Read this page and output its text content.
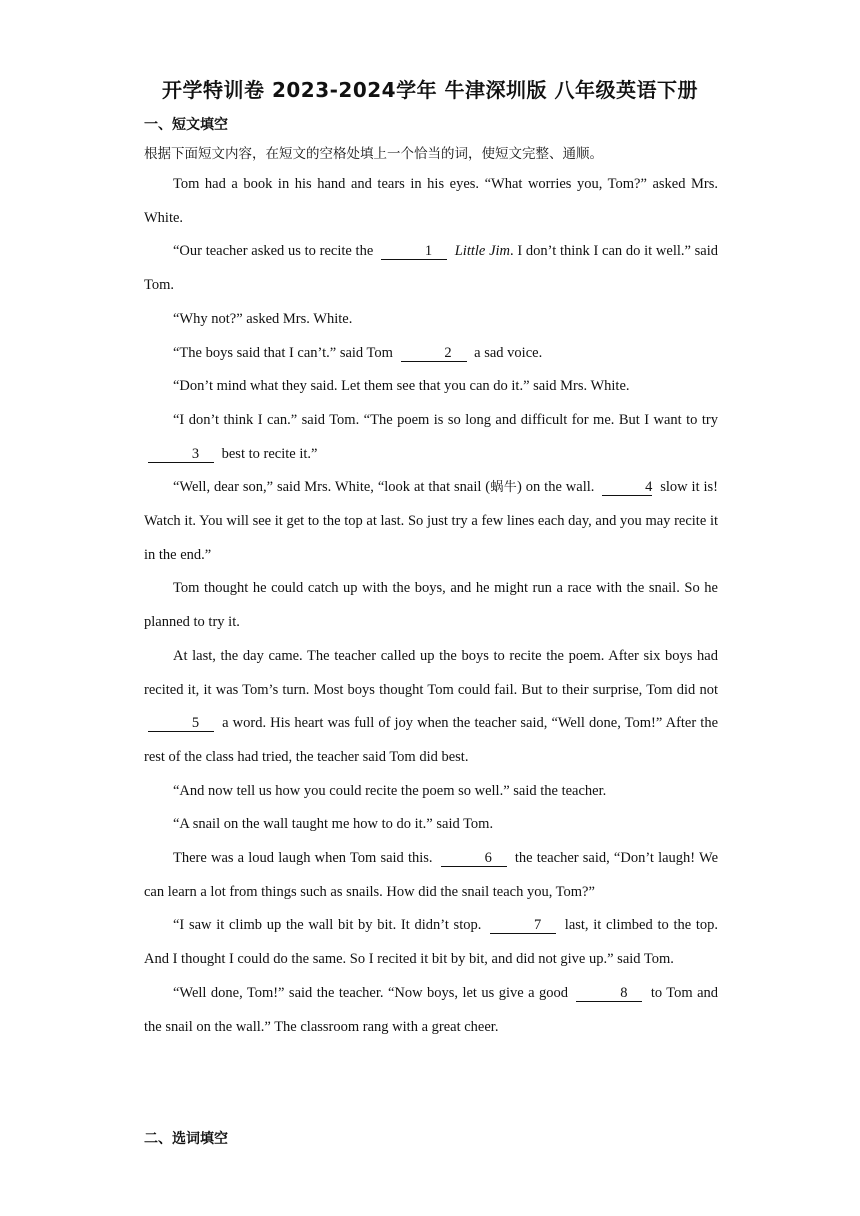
开学特训卷 2023-2024学年 牛津深圳版 八年级英语下册
一、短文填空
根据下面短文内容，在短文的空格处填上一个恰当的词，使短文完整、通顺。

Tom had a book in his hand and tears in his eyes. “What worries you, Tom?” asked Mrs. White.

“Our teacher asked us to recite the	1 Little Jim. I don’t think I can do it well.” said Tom.

“Why not?” asked Mrs. White.

“The boys said that I can’t.” said Tom	2 a sad voice.

“Don’t mind what they said. Let them see that you can do it.” said Mrs. White.

“I don’t think I can.” said Tom. “The poem is so long and difficult for me. But I want to try 3 best to recite it.”

“Well, dear son,” said Mrs. White, “look at that snail (蜗牛) on the wall.	4 slow it is! Watch it. You will see it get to the top at last. So just try a few lines each day, and you may recite it in the end.”

Tom thought he could catch up with the boys, and he might run a race with the snail. So he planned to try it.

At last, the day came. The teacher called up the boys to recite the poem. After six boys had recited it, it was Tom’s turn. Most boys thought Tom could fail. But to their surprise, Tom did not 5 a word. His heart was full of joy when the teacher said, “Well done, Tom!” After the rest of the class had tried, the teacher said Tom did best.

“And now tell us how you could recite the poem so well.” said the teacher.

“A snail on the wall taught me how to do it.” said Tom.

There was a loud laugh when Tom said this.	6 the teacher said, “Don’t laugh! We can learn a lot from things such as snails. How did the snail teach you, Tom?”

“I saw it climb up the wall bit by bit. It didn’t stop.	7 last, it climbed to the top. And I thought I could do the same. So I recited it bit by bit, and did not give up.” said Tom.

“Well done, Tom!” said the teacher. “Now boys, let us give a good	8 to Tom and the snail on the wall.” The classroom rang with a great cheer.

二、选词填空
